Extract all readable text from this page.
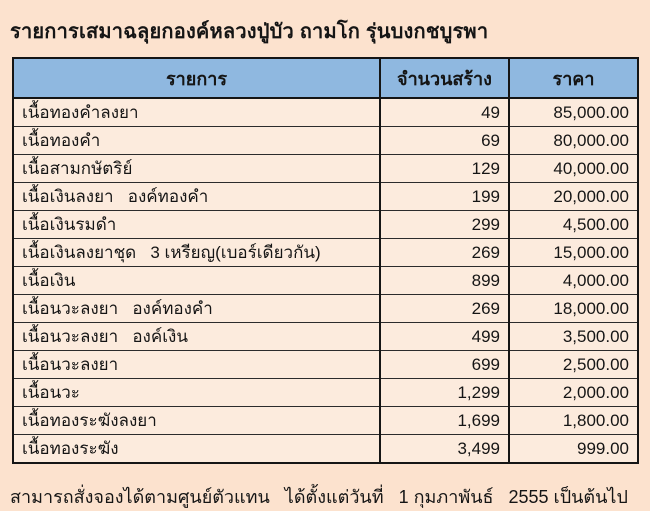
รายการเสมาฉลุยกองค์หลวงปู่บัว ถามโก รุ่นบงกชบูรพา
รายการ	จำนวนสร้าง	ราคา
เนื้อทองคำลงยา	49	85,000.00
เนื้อทองคำ	69	80,000.00
เนื้อสามกษัตริย์	129	40,000.00
เนื้อเงินลงยา   องค์ทองคำ	199	20,000.00
เนื้อเงินรมดำ	299	4,500.00
เนื้อเงินลงยาชุด   3 เหรียญ(เบอร์เดียวกัน)	269	15,000.00
เนื้อเงิน	899	4,000.00
เนื้อนวะลงยา   องค์ทองคำ	269	18,000.00
เนื้อนวะลงยา   องค์เงิน	499	3,500.00
เนื้อนวะลงยา	699	2,500.00
เนื้อนวะ	1,299	2,000.00
เนื้อทองระฆังลงยา	1,699	1,800.00
เนื้อทองระฆัง	3,499	999.00

สามารถสั่งจองได้ตามศูนย์ตัวแทน   ได้ตั้งแต่วันที่   1 กุมภาพันธ์   2555 เป็นต้นไป
